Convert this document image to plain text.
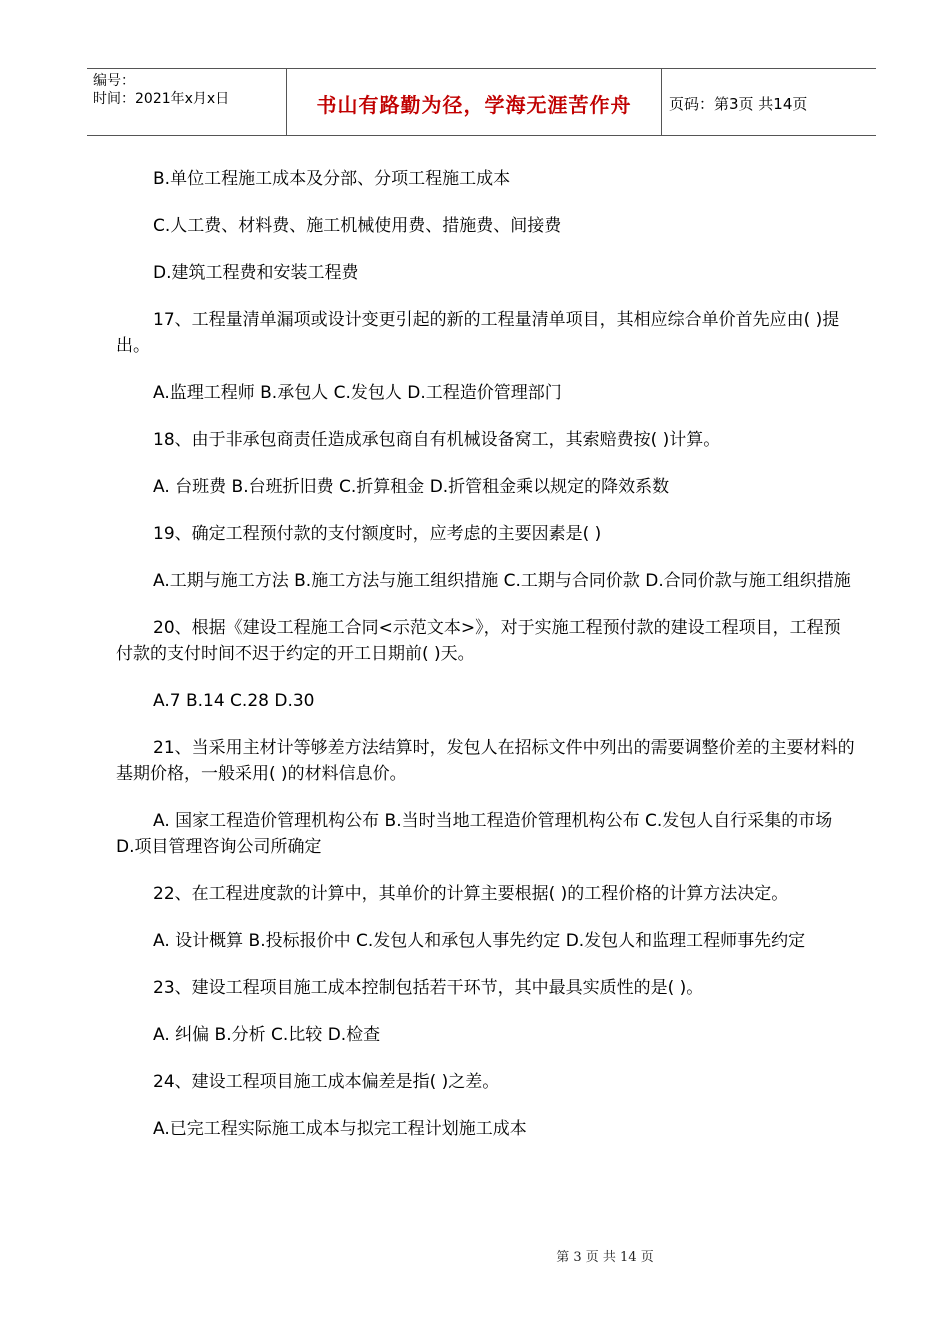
编号：
时间：2021年x月x日	书山有路勤为径，学海无涯苦作舟	页码：第3页 共14页

B.单位工程施工成本及分部、分项工程施工成本

C.人工费、材料费、施工机械使用费、措施费、间接费

D.建筑工程费和安装工程费

17、工程量清单漏项或设计变更引起的新的工程量清单项目，其相应综合单价首先应由( )提出。

A.监理工程师 B.承包人 C.发包人 D.工程造价管理部门

18、由于非承包商责任造成承包商自有机械设备窝工，其索赔费按( )计算。

A. 台班费 B.台班折旧费 C.折算租金 D.折管租金乘以规定的降效系数

19、确定工程预付款的支付额度时，应考虑的主要因素是( )

A.工期与施工方法 B.施工方法与施工组织措施 C.工期与合同价款 D.合同价款与施工组织措施

20、根据《建设工程施工合同<示范文本>》，对于实施工程预付款的建设工程项目，工程预付款的支付时间不迟于约定的开工日期前( )天。

A.7 B.14 C.28 D.30

21、当采用主材计等够差方法结算时，发包人在招标文件中列出的需要调整价差的主要材料的基期价格，一般采用( )的材料信息价。

A. 国家工程造价管理机构公布 B.当时当地工程造价管理机构公布 C.发包人自行采集的市场 D.项目管理咨询公司所确定

22、在工程进度款的计算中，其单价的计算主要根据( )的工程价格的计算方法决定。

A. 设计概算 B.投标报价中 C.发包人和承包人事先约定 D.发包人和监理工程师事先约定

23、建设工程项目施工成本控制包括若干环节，其中最具实质性的是( )。

A. 纠偏 B.分析 C.比较 D.检查

24、建设工程项目施工成本偏差是指( )之差。

A.已完工程实际施工成本与拟完工程计划施工成本

第 3 页 共 14 页
